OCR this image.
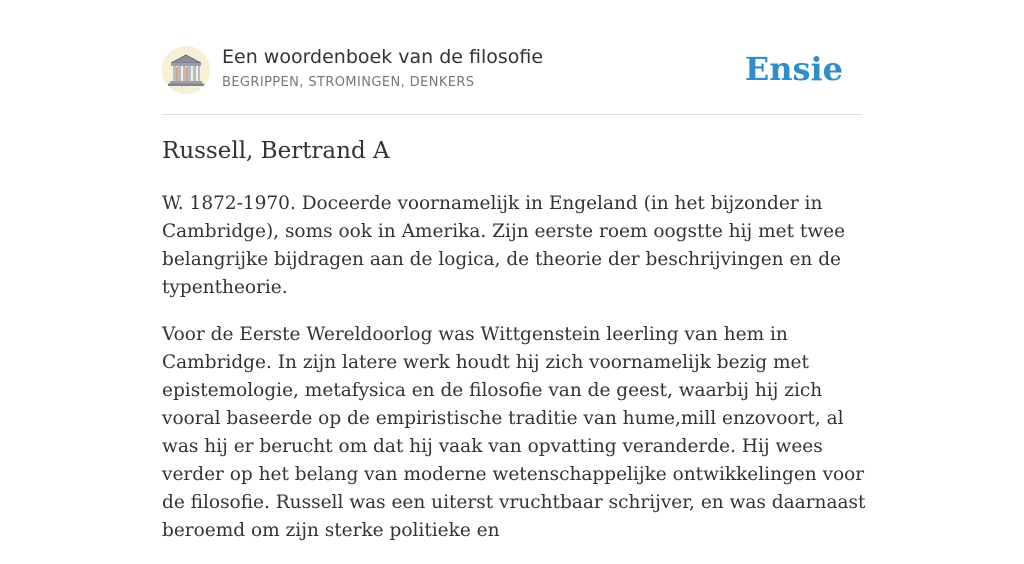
Een woordenboek van de filosofie
BEGRIPPEN, STROMINGEN, DENKERS	Ensie
Russell, Bertrand A

W. 1872-1970. Doceerde voornamelijk in Engeland (in het bijzonder in Cambridge), soms ook in Amerika. Zijn eerste roem oogstte hij met twee belangrijke bijdragen aan de logica, de theorie der beschrijvingen en de typentheorie.

Voor de Eerste Wereldoorlog was Wittgenstein leerling van hem in Cambridge. In zijn latere werk houdt hij zich voornamelijk bezig met epistemologie, metafysica en de filosofie van de geest, waarbij hij zich vooral baseerde op de empiristische traditie van hume,mill enzovoort, al was hij er berucht om dat hij vaak van opvatting veranderde. Hij wees verder op het belang van moderne wetenschappelijke ontwikkelingen voor de filosofie. Russell was een uiterst vruchtbaar schrijver, en was daarnaast beroemd om zijn sterke politieke en
